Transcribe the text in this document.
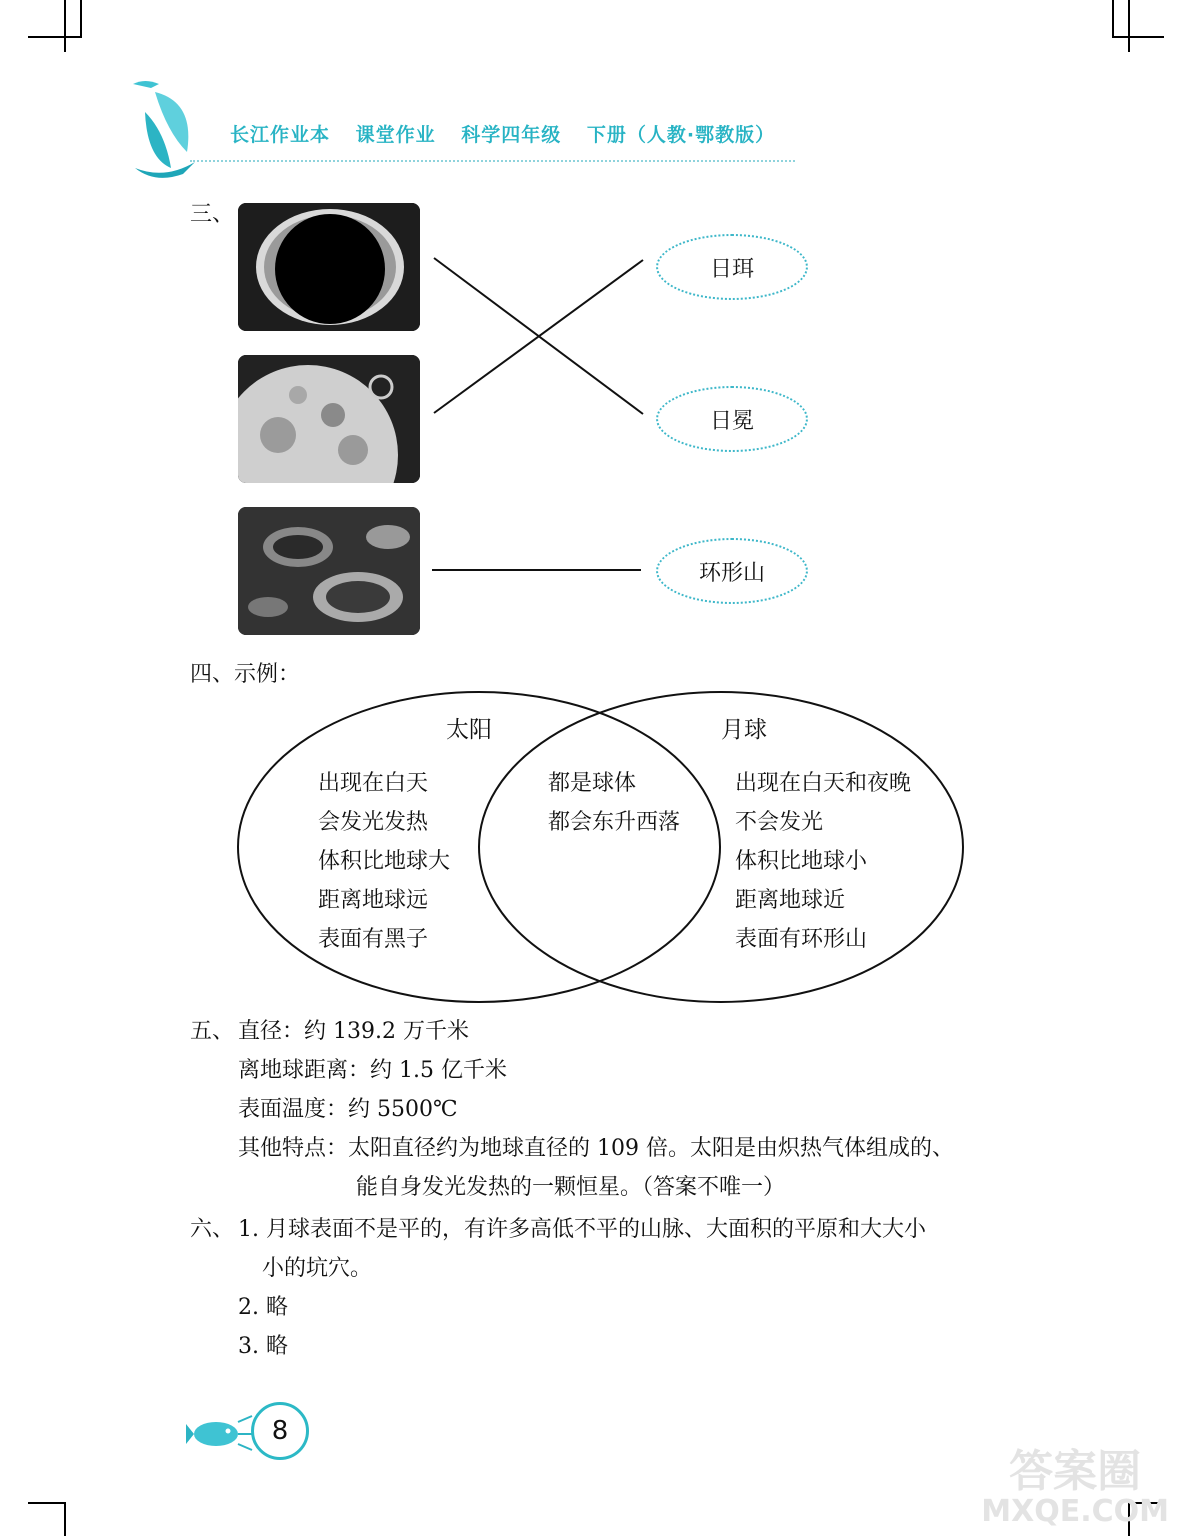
长江作业本 课堂作业 科学四年级 下册（人教·鄂教版）
三、
日珥
日冕
环形山
四、示例：
太阳	月球
出现在白天
会发光发热
体积比地球大
距离地球远
表面有黑子
都是球体
都会东升西落
出现在白天和夜晚
不会发光
体积比地球小
距离地球近
表面有环形山
五、 直径：约 139.2 万千米
离地球距离：约 1.5 亿千米
表面温度：约 5500℃
其他特点：太阳直径约为地球直径的 109 倍。太阳是由炽热气体组成的、
能自身发光发热的一颗恒星。（答案不唯一）
六、 1. 月球表面不是平的，有许多高低不平的山脉、大面积的平原和大大小
小的坑穴。
2. 略
3. 略
8
答案圈
MXQE.COM
